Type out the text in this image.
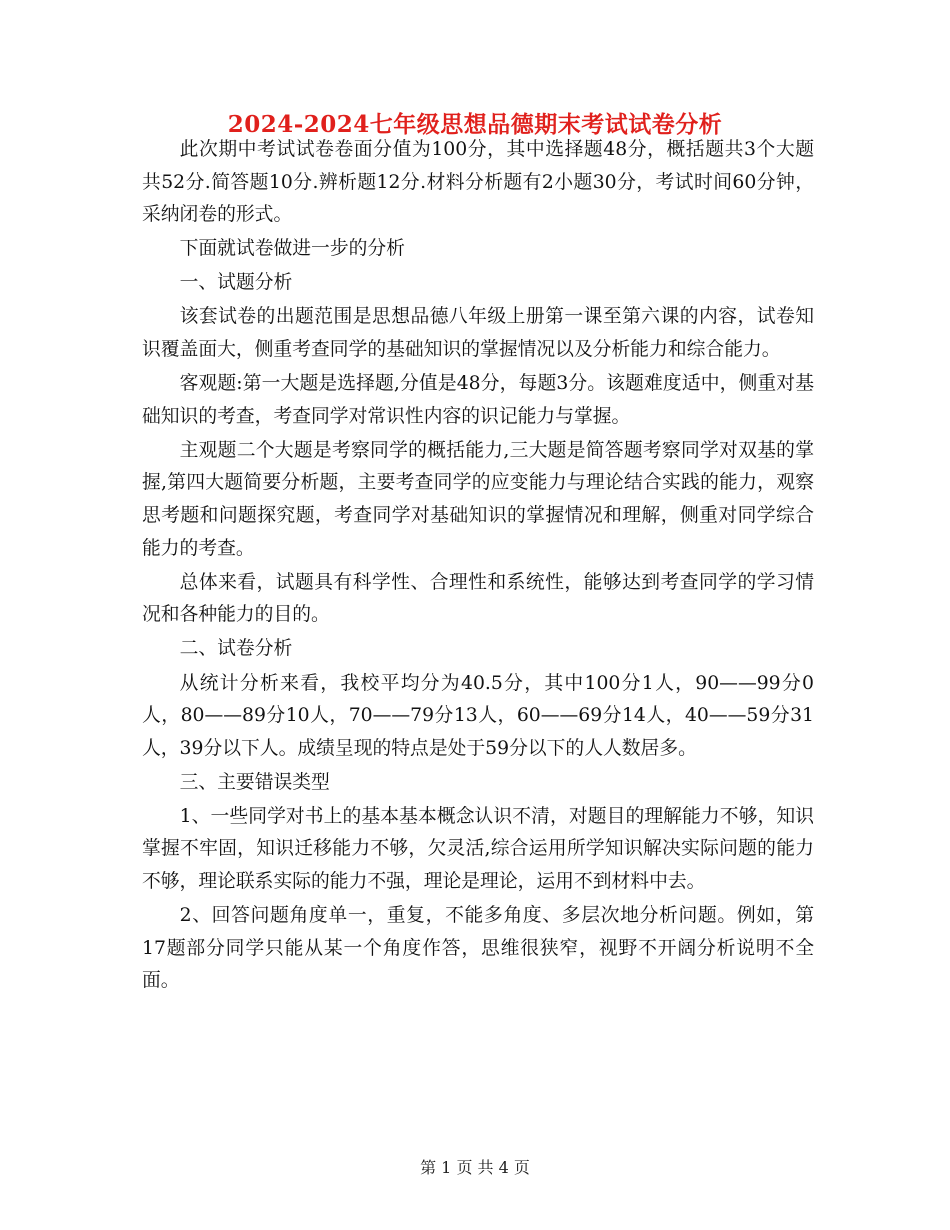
2024-2024七年级思想品德期末考试试卷分析

此次期中考试试卷卷面分值为100分，其中选择题48分，概括题共3个大题共52分.简答题10分.辨析题12分.材料分析题有2小题30分，考试时间60分钟，采纳闭卷的形式。

下面就试卷做进一步的分析

一、试题分析

该套试卷的出题范围是思想品德八年级上册第一课至第六课的内容，试卷知识覆盖面大，侧重考查同学的基础知识的掌握情况以及分析能力和综合能力。

客观题:第一大题是选择题,分值是48分，每题3分。该题难度适中，侧重对基础知识的考查，考查同学对常识性内容的识记能力与掌握。

主观题二个大题是考察同学的概括能力,三大题是简答题考察同学对双基的掌握,第四大题简要分析题，主要考查同学的应变能力与理论结合实践的能力，观察思考题和问题探究题，考查同学对基础知识的掌握情况和理解，侧重对同学综合能力的考查。

总体来看，试题具有科学性、合理性和系统性，能够达到考查同学的学习情况和各种能力的目的。

二、试卷分析

从统计分析来看，我校平均分为40.5分，其中100分1人，90——99分0人，80——89分10人，70——79分13人，60——69分14人，40——59分31人，39分以下人。成绩呈现的特点是处于59分以下的人人数居多。

三、主要错误类型

1、一些同学对书上的基本基本概念认识不清，对题目的理解能力不够，知识掌握不牢固，知识迁移能力不够，欠灵活,综合运用所学知识解决实际问题的能力不够，理论联系实际的能力不强，理论是理论，运用不到材料中去。

2、回答问题角度单一，重复，不能多角度、多层次地分析问题。例如，第17题部分同学只能从某一个角度作答，思维很狭窄，视野不开阔分析说明不全面。

第 1 页 共 4 页
